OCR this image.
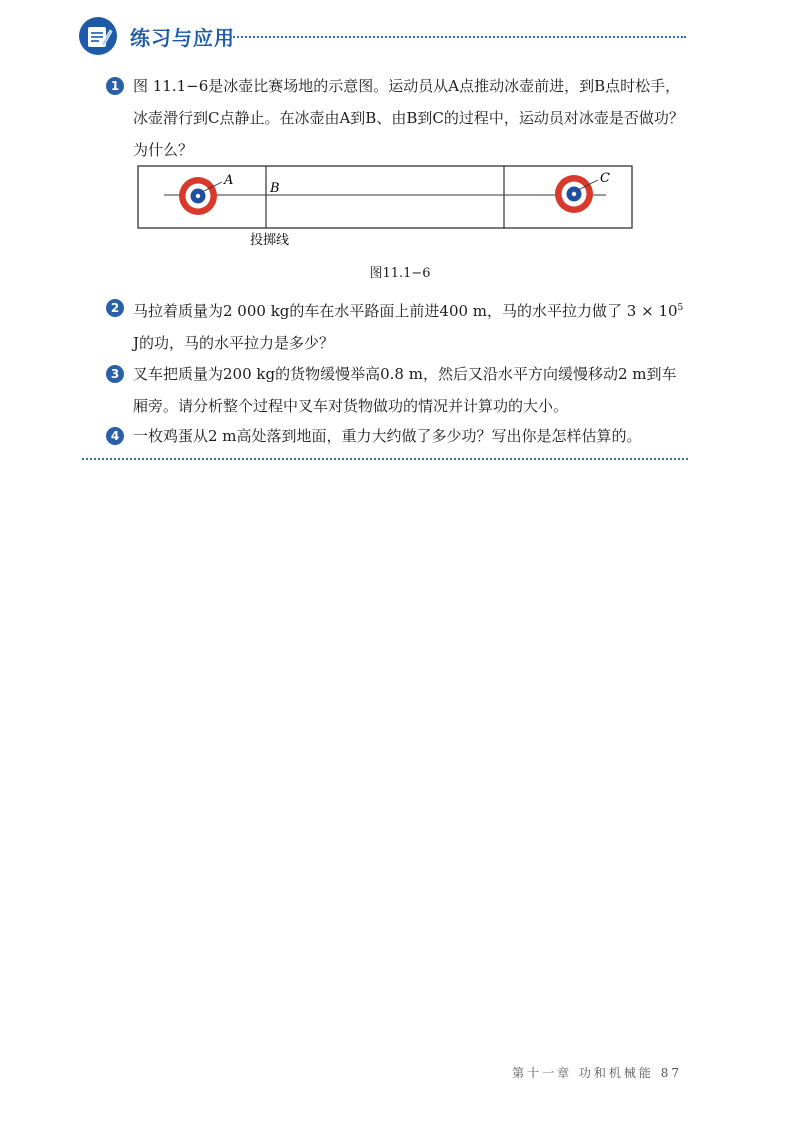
练习与应用
1 图 11.1−6是冰壶比赛场地的示意图。运动员从A点推动冰壶前进，到B点时松手，冰壶滑行到C点静止。在冰壶由A到B、由B到C的过程中，运动员对冰壶是否做功？为什么？
A
B
C
投掷线
图11.1−6
2 马拉着质量为2 000 kg的车在水平路面上前进400 m，马的水平拉力做了 $3 \times 10^5$ J的功，马的水平拉力是多少？
3 叉车把质量为200 kg的货物缓慢举高0.8 m，然后又沿水平方向缓慢移动2 m到车厢旁。请分析整个过程中叉车对货物做功的情况并计算功的大小。
4 一枚鸡蛋从2 m高处落到地面，重力大约做了多少功？写出你是怎样估算的。
第十一章 功和机械能 87
